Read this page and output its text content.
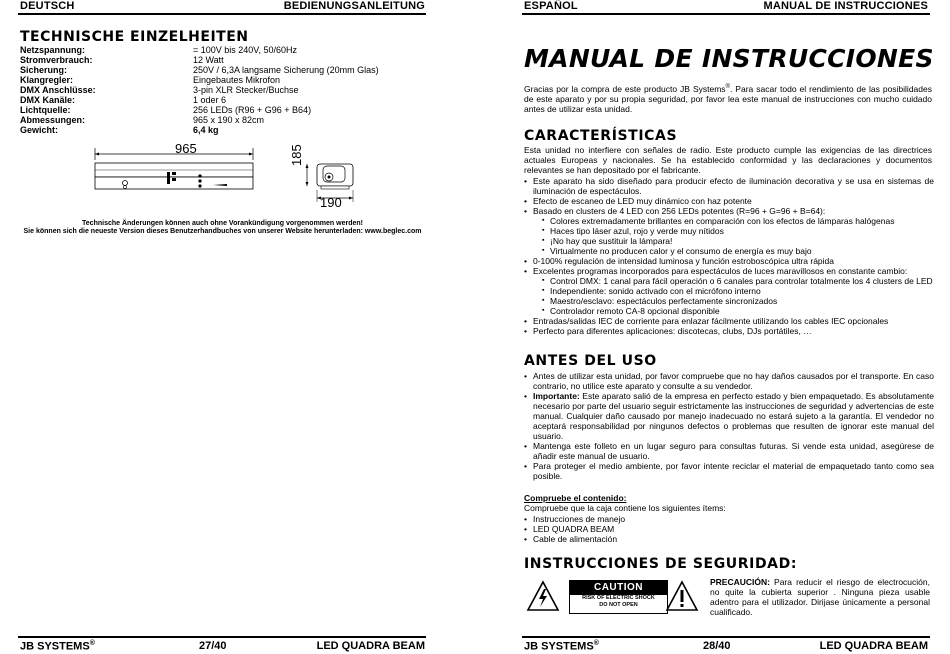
DEUTSCH	BEDIENUNGSANLEITUNG
TECHNISCHE EINZELHEITEN
Netzspannung:	= 100V bis 240V, 50/60Hz
Stromverbrauch:	12 Watt
Sicherung:	250V / 6,3A langsame Sicherung (20mm Glas)
Klangregler:	Eingebautes Mikrofon
DMX Anschlüsse:	3-pin XLR Stecker/Buchse
DMX Kanäle:	1 oder 6
Lichtquelle:	256 LEDs (R96 + G96 + B64)
Abmessungen:	965 x 190 x 82cm
Gewicht:	6,4 kg
965	185
190
Technische Änderungen können auch ohne Vorankündigung vorgenommen werden!
Sie können sich die neueste Version dieses Benutzerhandbuches von unserer Website herunterladen: www.beglec.com
JB SYSTEMS®	27/40	LED QUADRA BEAM
ESPAÑOL	MANUAL DE INSTRUCCIONES
MANUAL DE INSTRUCCIONES
Gracias por la compra de este producto JB Systems®. Para sacar todo el rendimiento de las posibilidades de este aparato y por su propia seguridad, por favor lea este manual de instrucciones con mucho cuidado antes de utilizar esta unidad.
CARACTERÍSTICAS
Esta unidad no interfiere con señales de radio. Este producto cumple las exigencias de las directrices actuales Europeas y nacionales. Se ha establecido conformidad y las declaraciones y documentos relevantes se han depositado por el fabricante.
• Este aparato ha sido diseñado para producir efecto de iluminación decorativa y se usa en sistemas de iluminación de espectáculos.
• Efecto de escaneo de LED muy dinámico con haz potente
• Basado en clusters de 4 LED con 256 LEDs potentes (R=96 + G=96 + B=64):
▪ Colores extremadamente brillantes en comparación con los efectos de lámparas halógenas
▪ Haces tipo láser azul, rojo y verde muy nítidos
▪ ¡No hay que sustituir la lámpara!
▪ Virtualmente no producen calor y el consumo de energía es muy bajo
• 0-100% regulación de intensidad luminosa y función estroboscópica ultra rápida
• Excelentes programas incorporados para espectáculos de luces maravillosos en constante cambio:
▪ Control DMX: 1 canal para fácil operación o 6 canales para controlar totalmente los 4 clusters de LED
▪ Independiente: sonido activado con el micrófono interno
▪ Maestro/esclavo: espectáculos perfectamente sincronizados
▪ Controlador remoto CA-8 opcional disponible
• Entradas/salidas IEC de corriente para enlazar fácilmente utilizando los cables IEC opcionales
• Perfecto para diferentes aplicaciones: discotecas, clubs, DJs portátiles, …
ANTES DEL USO
• Antes de utilizar esta unidad, por favor compruebe que no hay daños causados por el transporte. En caso contrario, no utilice este aparato y consulte a su vendedor.
• Importante: Este aparato salió de la empresa en perfecto estado y bien empaquetado. Es absolutamente necesario por parte del usuario seguir estrictamente las instrucciones de seguridad y advertencias de este manual. Cualquier daño causado por manejo inadecuado no estará sujeto a la garantía. El vendedor no aceptará responsabilidad por ningunos defectos o problemas que resulten de ignorar este manual del usuario.
• Mantenga este folleto en un lugar seguro para consultas futuras. Si vende esta unidad, asegúrese de añadir este manual de usuario.
• Para proteger el medio ambiente, por favor intente reciclar el material de empaquetado tanto como sea posible.
Compruebe el contenido:
Compruebe que la caja contiene los siguientes ítems:
• Instrucciones de manejo
• LED QUADRA BEAM
• Cable de alimentación
INSTRUCCIONES DE SEGURIDAD:
CAUTION
RISK OF ELECTRIC SHOCK
DO NOT OPEN
PRECAUCIÓN: Para reducir el riesgo de electrocución, no quite la cubierta superior . Ninguna pieza usable adentro para el utilizador. Dirijase únicamente a personal cualificado.
JB SYSTEMS®	28/40	LED QUADRA BEAM
